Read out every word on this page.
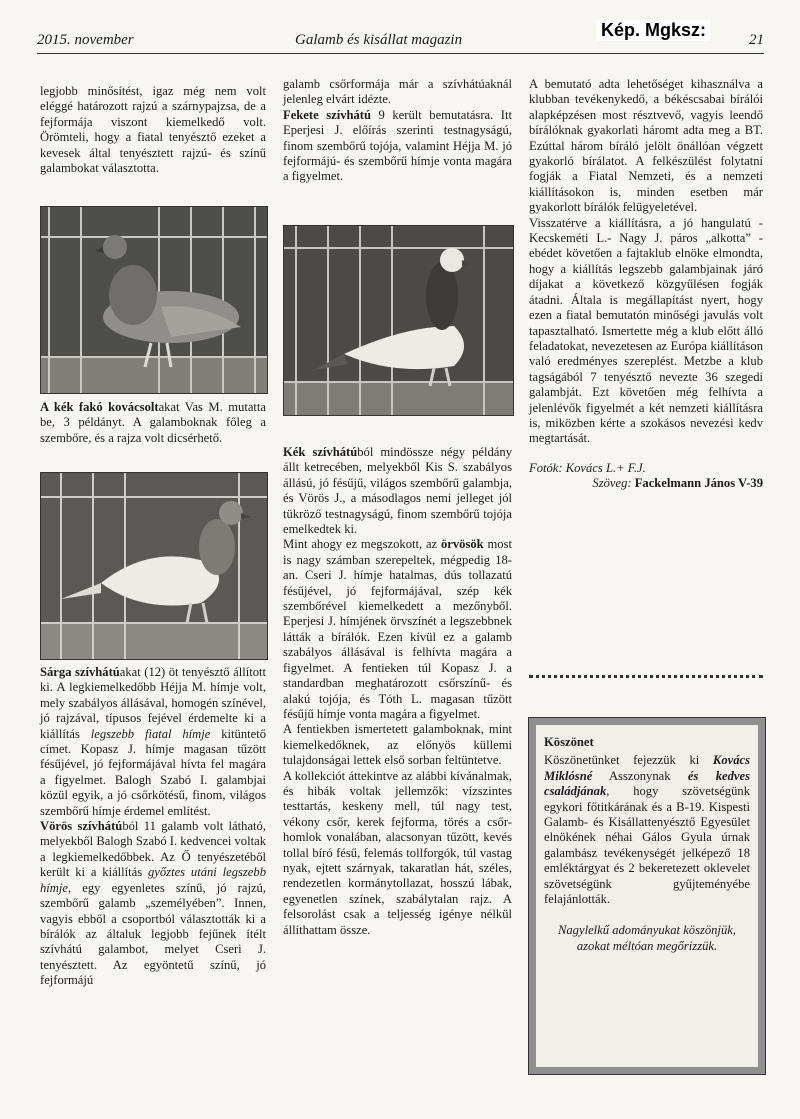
2015. november	Galamb és kisállat magazin	Kép. Mgksz:	21

legjobb minősítést, igaz még nem volt eléggé határozott rajzú a szárnypajzsa, de a fejformája viszont kiemelkedő volt. Örömteli, hogy a fiatal tenyésztő ezeket a kevesek által tenyésztett rajzú- és színű galambokat választotta.

A kék fakó kovácsoltakat Vas M. mutatta be, 3 példányt. A galamboknak főleg a szembőre, és a rajza volt dicsérhető.

Sárga szívhátúakat (12) öt tenyésztő állított ki. A legkiemelkedőbb Héjja M. hímje volt, mely szabályos állásával, homogén színével, jó rajzával, típusos fejével érdemelte ki a kiállítás legszebb fiatal hímje kitüntető címet. Kopasz J. hímje magasan tűzött fésűjével, jó fejformájával hívta fel magára a figyelmet. Balogh Szabó I. galambjai közül egyik, a jó csőrkötésű, finom, világos szembőrű hímje érdemel említést.

Vörös szívhátúból 11 galamb volt látható, melyekből Balogh Szabó I. kedvencei voltak a legkiemelkedőbbek. Az Ő tenyészetéből került ki a kiállítás győztes utáni legszebb hímje, egy egyenletes színű, jó rajzú, szembőrű galamb „személyében”. Innen, vagyis ebből a csoportból választották ki a bírálók az általuk legjobb fejűnek ítélt szívhátú galambot, melyet Cseri J. tenyésztett. Az egyöntetű színű, jó fejformájú

galamb csőrformája már a szívhátúaknál jelenleg elvárt idézte.

Fekete szívhátú 9 került bemutatásra. Itt Eperjesi J. előírás szerinti testnagyságú, finom szembőrű tojója, valamint Héjja M. jó fejformájú- és szembőrű hímje vonta magára a figyelmet.

Kék szívhátúból mindössze négy példány állt ketrecében, melyekből Kis S. szabályos állású, jó fésűjű, világos szembőrű galambja, és Vörös J., a másodlagos nemi jelleget jól tükröző testnagyságú, finom szembőrű tojója emelkedtek ki.

Mint ahogy ez megszokott, az örvösök most is nagy számban szerepeltek, mégpedig 18-an. Cseri J. hímje hatalmas, dús tollazatú fésűjével, jó fejformájával, szép kék szembőrével kiemelkedett a mezőnyből. Eperjesi J. hímjének örvszínét a legszebbnek látták a bírálók. Ezen kívül ez a galamb szabályos állásával is felhívta magára a figyelmet. A fentieken túl Kopasz J. a standardban meghatározott csőrszínű- és alakú tojója, és Tóth L. magasan tűzött fésűjű hímje vonta magára a figyelmet.

A fentiekben ismertetett galamboknak, mint kiemelkedőknek, az előnyös küllemi tulajdonságai lettek első sorban feltüntetve.

A kollekciót áttekintve az alábbi kívánalmak, és hibák voltak jellemzők: vízszintes testtartás, keskeny mell, túl nagy test, vékony csőr, kerek fejforma, törés a csőr-homlok vonalában, alacsonyan tűzött, kevés tollal bíró fésű, felemás tollforgók, túl vastag nyak, ejtett szárnyak, takaratlan hát, széles, rendezetlen kormánytollazat, hosszú lábak, egyenetlen színek, szabálytalan rajz. A felsorolást csak a teljesség igénye nélkül állíthattam össze.

A bemutató adta lehetőséget kihasználva a klubban tevékenykedő, a békéscsabai bírálói alapképzésen most résztvevő, vagyis leendő bírálóknak gyakorlati háromt adta meg a BT. Ezúttal három bíráló jelölt önállóan végzett gyakorló bírálatot. A felkészülést folytatni fogják a Fiatal Nemzeti, és a nemzeti kiállításokon is, minden esetben már gyakorlott bírálók felügyeletével.

Visszatérve a kiállításra, a jó hangulatú - Kecskeméti L.- Nagy J. páros „alkotta” - ebédet követően a fajtaklub elnöke elmondta, hogy a kiállítás legszebb galambjainak járó díjakat a következő közgyűlésen fogják átadni. Általa is megállapítást nyert, hogy ezen a fiatal bemutatón minőségi javulás volt tapasztalható. Ismertette még a klub előtt álló feladatokat, nevezetesen az Európa kiállításon való eredményes szereplést. Metzbe a klub tagságából 7 tenyésztő nevezte 36 szegedi galambját. Ezt követően még felhívta a jelenlévők figyelmét a két nemzeti kiállításra is, miközben kérte a szokásos nevezési kedv megtartását.

Fotók: Kovács L.+ F.J.

Szöveg: Fackelmann János V-39

Köszönet
Köszönetünket fejezzük ki Kovács Miklósné Asszonynak és kedves családjának, hogy szövetségünk egykori főtitkárának és a B-19. Kispesti Galamb- és Kisállattenyésztő Egyesület elnökének néhai Gálos Gyula úrnak galambász tevékenységét jelképező 18 emléktárgyat és 2 bekeretezett oklevelet szövetségünk gyűjteményébe felajánlották.
Nagylelkű adományukat köszönjük, azokat méltóan megőrizzük.
